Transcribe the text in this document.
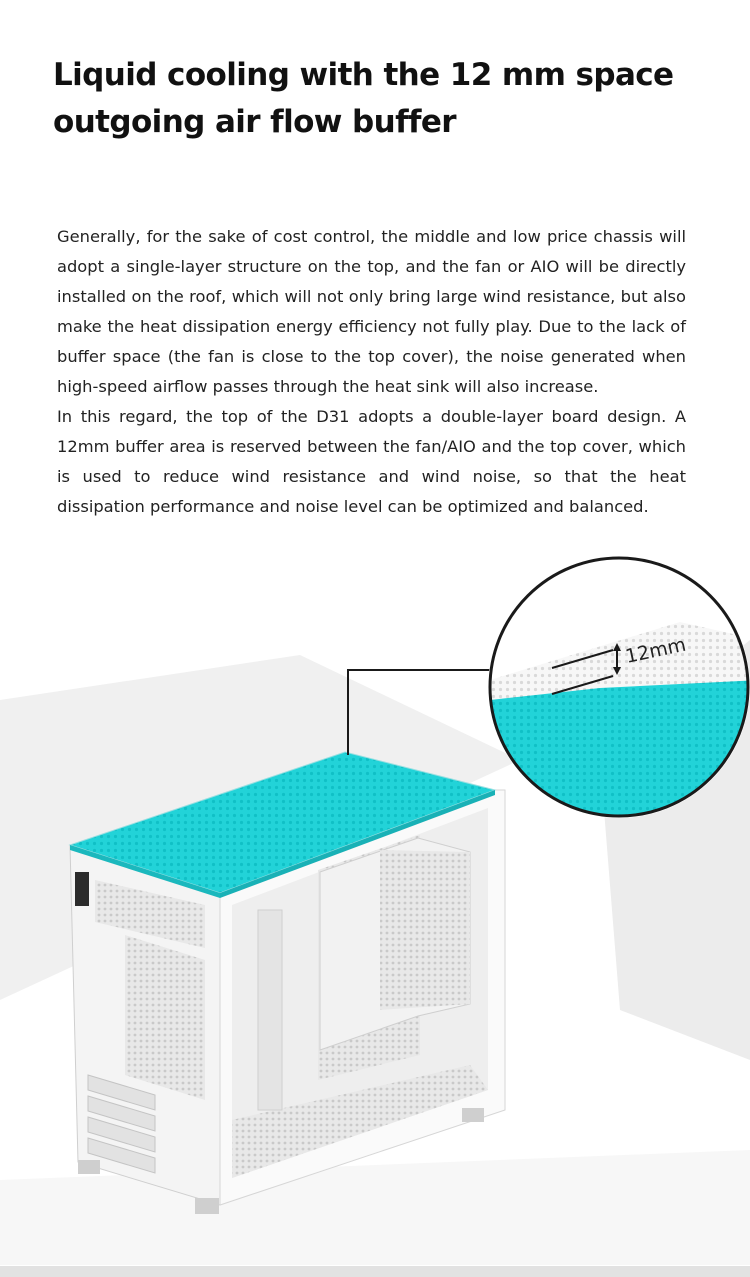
Liquid cooling with the 12 mm space
outgoing air flow buffer

Generally, for the sake of cost control, the middle and low price chassis will adopt a single-layer structure on the top, and the fan or AIO will be directly installed on the roof, which will not only bring large wind resistance, but also make the heat dissipation energy efficiency not fully play. Due to the lack of buffer space (the fan is close to the top cover), the noise generated when high-speed airflow passes through the heat sink will also increase.

In this regard, the top of the D31 adopts a double-layer board design. A 12mm buffer area is reserved between the fan/AIO and the top cover, which is used to reduce wind resistance and wind noise, so that the heat dissipation performance and noise level can be optimized and balanced.

12mm
